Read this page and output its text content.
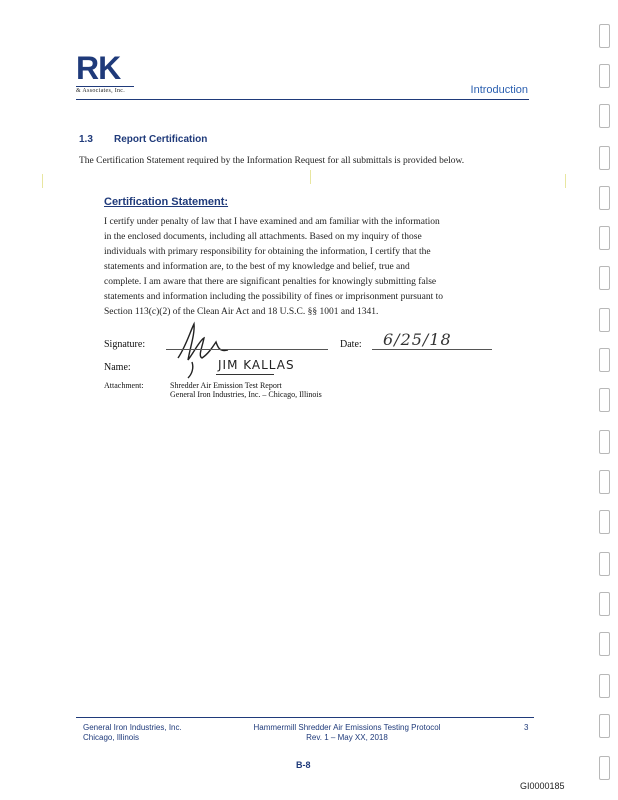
RK
& Associates, Inc.	Introduction
1.3 Report Certification
The Certification Statement required by the Information Request for all submittals is provided below.
Certification Statement:
I certify under penalty of law that I have examined and am familiar with the information
in the enclosed documents, including all attachments. Based on my inquiry of those
individuals with primary responsibility for obtaining the information, I certify that the
statements and information are, to the best of my knowledge and belief, true and
complete. I am aware that there are significant penalties for knowingly submitting false
statements and information including the possibility of fines or imprisonment pursuant to
Section 113(c)(2) of the Clean Air Act and 18 U.S.C. §§ 1001 and 1341.
Signature:	Date: 6/25/18
Name:	JIM KALLAS
Attachment:	Shredder Air Emission Test Report
General Iron Industries, Inc. – Chicago, Illinois
General Iron Industries, Inc.
Chicago, Illinois
Hammermill Shredder Air Emissions Testing Protocol
Rev. 1 – May XX, 2018
3
B-8
GI0000185
